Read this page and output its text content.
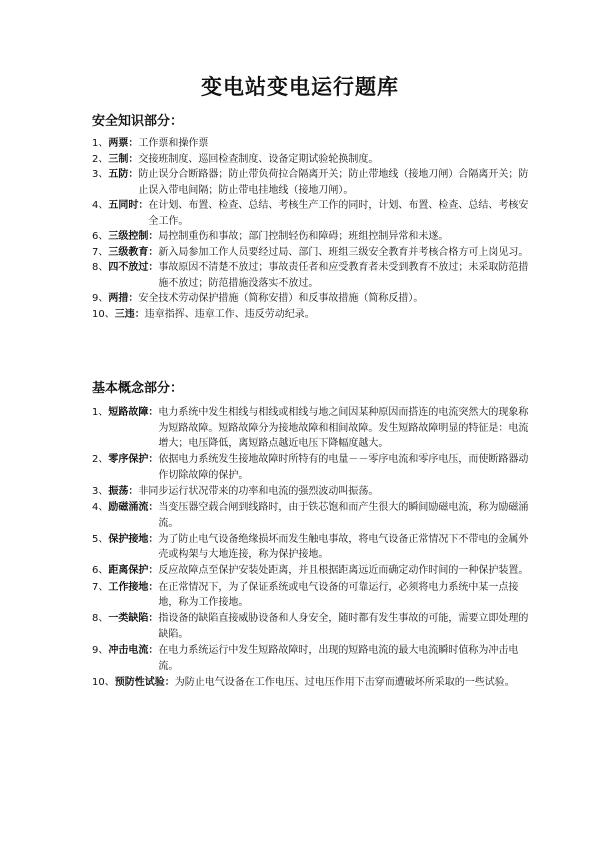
变电站变电运行题库
安全知识部分：
1、 两票 ： 工作票和操作票
2、 三制 ： 交接班制度、巡回检查制度、设备定期试验轮换制度。
3、 五防 ： 防止误分合断路器；防止带负荷拉合隔离开关；防止带地线（接地刀闸）合隔离开关；防止误入带电间隔；防止带电挂地线（接地刀闸）。
4、 五同时 ： 在计划、布置、检查、总结、考核生产工作的同时，计划、布置、检查、总结、考核安全工作。
6、 三级控制 ： 局控制重伤和事故；部门控制轻伤和障碍；班组控制异常和未遂。
7、 三级教育 ： 新入局参加工作人员要经过局、部门、班组三级安全教育并考核合格方可上岗见习。
8、 四不放过 ： 事故原因不清楚不放过；事故责任者和应受教育者未受到教育不放过；未采取防范措施不放过；防范措施没落实不放过。
9、 两措 ： 安全技术劳动保护措施（简称安措）和反事故措施（简称反措）。
10、 三违 ： 违章指挥、违章工作、违反劳动纪录。
基本概念部分：
1、 短路故障 ： 电力系统中发生相线与相线或相线与地之间因某种原因而搭连的电流突然大的现象称为短路故障。短路故障分为接地故障和相间故障。发生短路故障明显的特征是：电流增大；电压降低，离短路点越近电压下降幅度越大。
2、 零序保护 ： 依据电力系统发生接地故障时所特有的电量－－零序电流和零序电压，而使断路器动作切除故障的保护。
3、 振荡 ： 非同步运行状况带来的功率和电流的强烈波动叫振荡。
4、 励磁涌流 ： 当变压器空载合闸到线路时，由于铁芯饱和而产生很大的瞬间励磁电流，称为励磁涌流。
5、 保护接地 ： 为了防止电气设备绝缘损坏而发生触电事故，将电气设备正常情况下不带电的金属外壳或构架与大地连接，称为保护接地。
6、 距离保护 ： 反应故障点至保护安装处距离，并且根据距离远近而确定动作时间的一种保护装置。
7、 工作接地 ： 在正常情况下，为了保证系统或电气设备的可靠运行，必须将电力系统中某一点接地，称为工作接地。
8、 一类缺陷 ： 指设备的缺陷直接威胁设备和人身安全，随时都有发生事故的可能，需要立即处理的缺陷。
9、 冲击电流 ： 在电力系统运行中发生短路故障时，出现的短路电流的最大电流瞬时值称为冲击电流。
10、 预防性试验 ： 为防止电气设备在工作电压、过电压作用下击穿而遭破坏所采取的一些试验。
